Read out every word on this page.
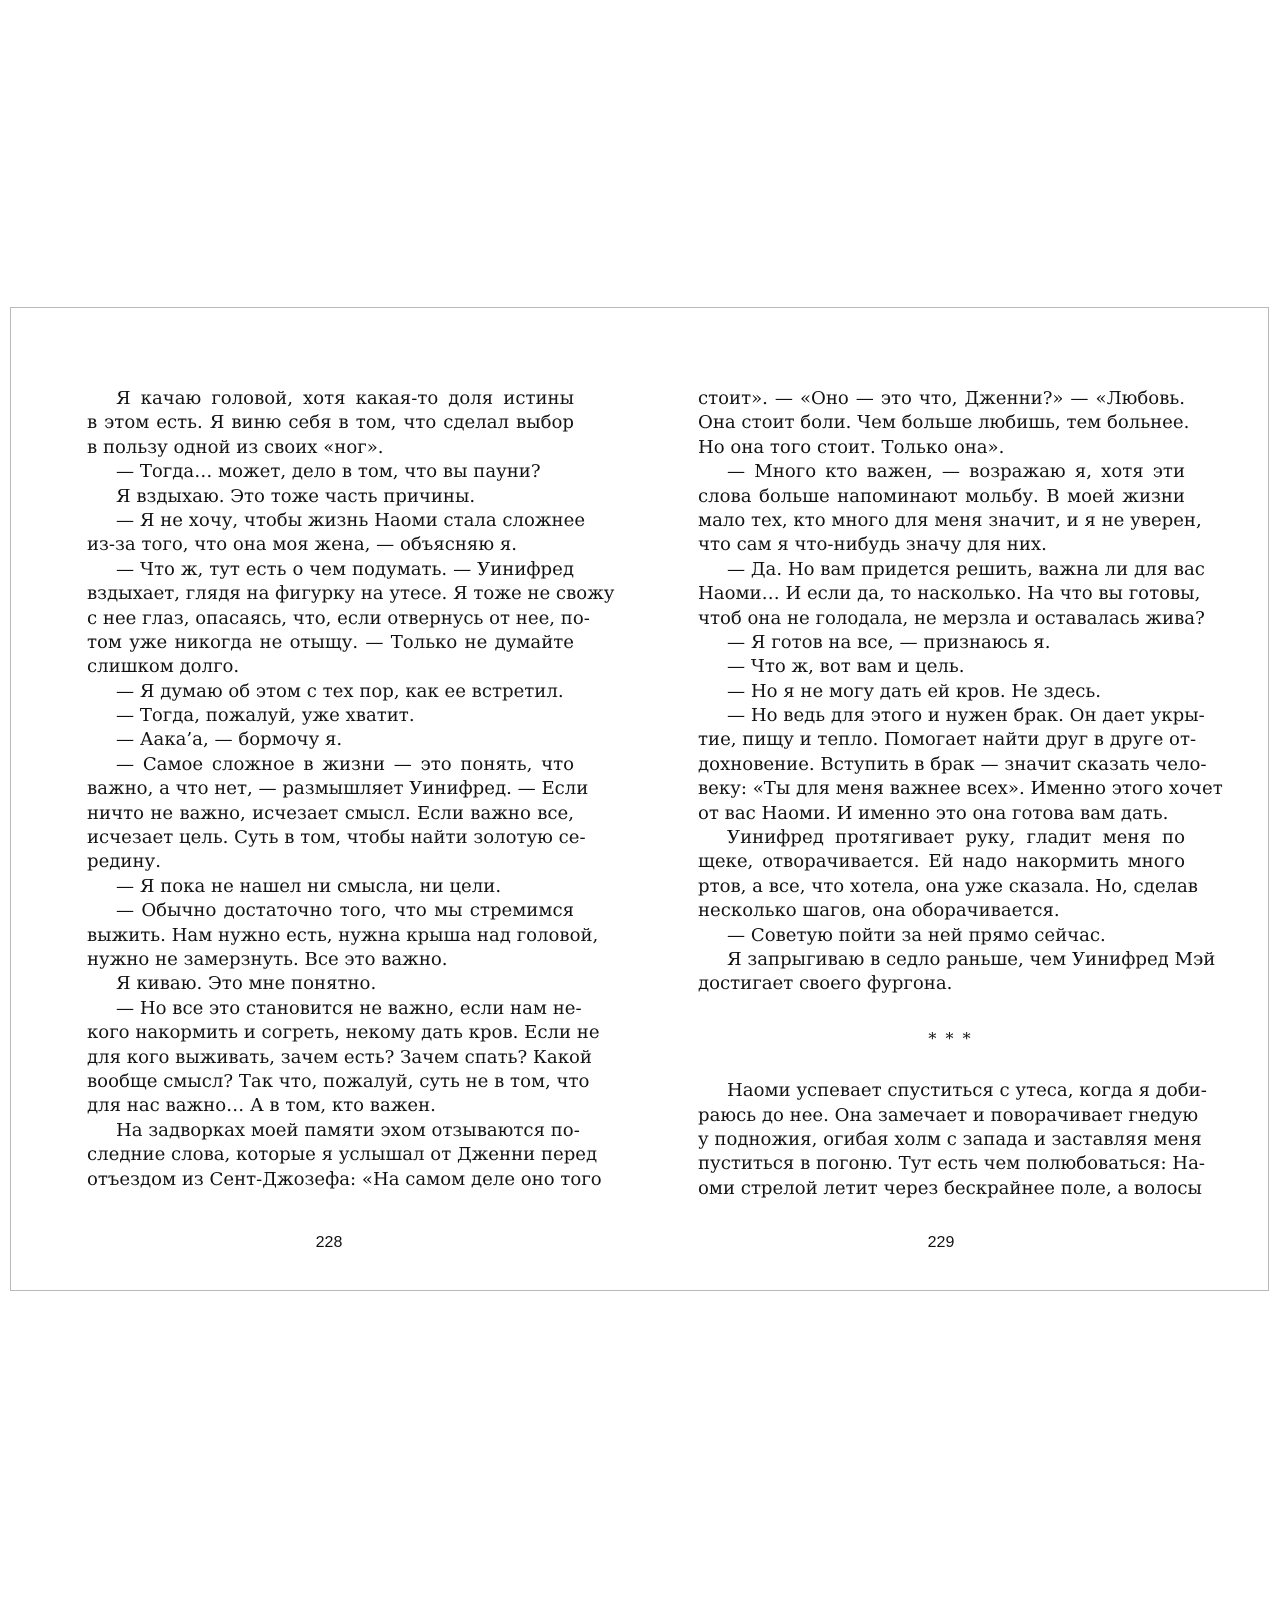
Я качаю головой, хотя какая-то доля истины
в этом есть. Я виню себя в том, что сделал выбор
в пользу одной из своих «ног».
— Тогда… может, дело в том, что вы пауни?
Я вздыхаю. Это тоже часть причины.
— Я не хочу, чтобы жизнь Наоми стала сложнее
из-за того, что она моя жена, — объясняю я.
— Что ж, тут есть о чем подумать. — Уинифред
вздыхает, глядя на фигурку на утесе. Я тоже не свожу
с нее глаз, опасаясь, что, если отвернусь от нее, по-
том уже никогда не отыщу. — Только не думайте
слишком долго.
— Я думаю об этом с тех пор, как ее встретил.
— Тогда, пожалуй, уже хватит.
— Аака’а, — бормочу я.
— Самое сложное в жизни — это понять, что
важно, а что нет, — размышляет Уинифред. — Если
ничто не важно, исчезает смысл. Если важно все,
исчезает цель. Суть в том, чтобы найти золотую се-
редину.
— Я пока не нашел ни смысла, ни цели.
— Обычно достаточно того, что мы стремимся
выжить. Нам нужно есть, нужна крыша над головой,
нужно не замерзнуть. Все это важно.
Я киваю. Это мне понятно.
— Но все это становится не важно, если нам не-
кого накормить и согреть, некому дать кров. Если не
для кого выживать, зачем есть? Зачем спать? Какой
вообще смысл? Так что, пожалуй, суть не в том, что
для нас важно… А в том, кто важен.
На задворках моей памяти эхом отзываются по-
следние слова, которые я услышал от Дженни перед
отъездом из Сент-Джозефа: «На самом деле оно того
стоит». — «Оно — это что, Дженни?» — «Любовь.
Она стоит боли. Чем больше любишь, тем больнее.
Но она того стоит. Только она».
— Много кто важен, — возражаю я, хотя эти
слова больше напоминают мольбу. В моей жизни
мало тех, кто много для меня значит, и я не уверен,
что сам я что-нибудь значу для них.
— Да. Но вам придется решить, важна ли для вас
Наоми… И если да, то насколько. На что вы готовы,
чтоб она не голодала, не мерзла и оставалась жива?
— Я готов на все, — признаюсь я.
— Что ж, вот вам и цель.
— Но я не могу дать ей кров. Не здесь.
— Но ведь для этого и нужен брак. Он дает укры-
тие, пищу и тепло. Помогает найти друг в друге от-
дохновение. Вступить в брак — значит сказать чело-
веку: «Ты для меня важнее всех». Именно этого хочет
от вас Наоми. И именно это она готова вам дать.
Уинифред протягивает руку, гладит меня по
щеке, отворачивается. Ей надо накормить много
ртов, а все, что хотела, она уже сказала. Но, сделав
несколько шагов, она оборачивается.
— Советую пойти за ней прямо сейчас.
Я запрыгиваю в седло раньше, чем Уинифред Мэй
достигает своего фургона.
* * *
Наоми успевает спуститься с утеса, когда я доби-
раюсь до нее. Она замечает и поворачивает гнедую
у подножия, огибая холм с запада и заставляя меня
пуститься в погоню. Тут есть чем полюбоваться: На-
оми стрелой летит через бескрайнее поле, а волосы
228	229
